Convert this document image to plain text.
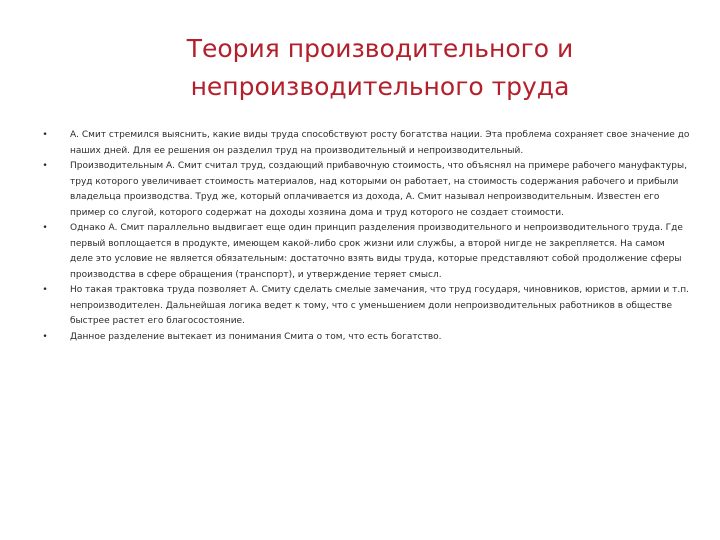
Теория производительного и
непроизводительного труда
• А. Смит стремился выяснить, какие виды труда способствуют росту богатства нации. Эта проблема сохраняет свое значение до наших дней. Для ее решения он разделил труд на производительный и непроизводительный.
• Производительным А. Смит считал труд, создающий прибавочную стоимость, что объяснял на примере рабочего мануфактуры, труд которого увеличивает стоимость материалов, над которыми он работает, на стоимость содержания рабочего и прибыли владельца производства. Труд же, который оплачивается из дохода, А. Смит называл непроизводительным. Известен его пример со слугой, которого содержат на доходы хозяина дома и труд которого не создает стоимости.
• Однако А. Смит параллельно выдвигает еще один принцип разделения производительного и непроизводительного труда. Где первый воплощается в продукте, имеющем какой-либо срок жизни или службы, а второй нигде не закрепляется. На самом деле это условие не является обязательным: достаточно взять виды труда, которые представляют собой продолжение сферы производства в сфере обращения (транспорт), и утверждение теряет смысл.
• Но такая трактовка труда позволяет А. Смиту сделать смелые замечания, что труд государя, чиновников, юристов, армии и т.п. непроизводителен. Дальнейшая логика ведет к тому, что с уменьшением доли непроизводительных работников в обществе быстрее растет его благосостояние.
• Данное разделение вытекает из понимания Смита о том, что есть богатство.
